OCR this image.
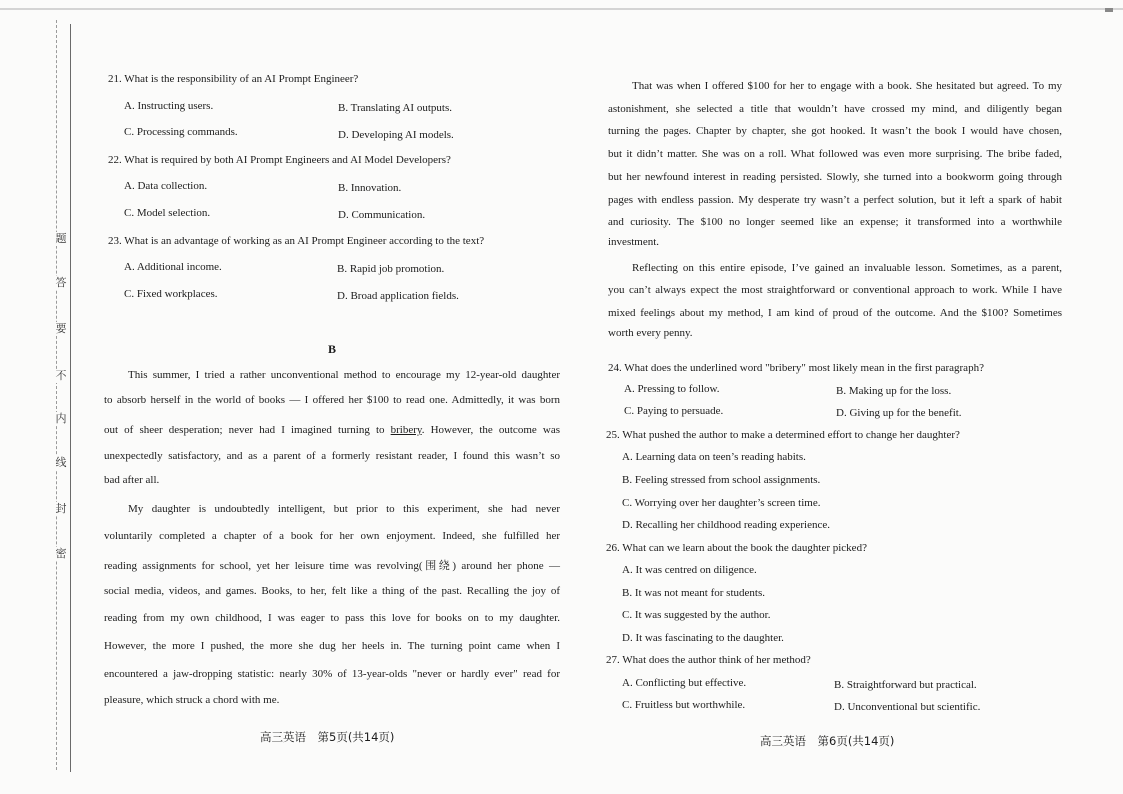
题
答
要
不
内
线
封
密
21. What is the responsibility of an AI Prompt Engineer?
A. Instructing users.	B. Translating AI outputs.
C. Processing commands.	D. Developing AI models.
22. What is required by both AI Prompt Engineers and AI Model Developers?
A. Data collection.	B. Innovation.
C. Model selection.	D. Communication.
23. What is an advantage of working as an AI Prompt Engineer according to the text?
A. Additional income.	B. Rapid job promotion.
C. Fixed workplaces.	D. Broad application fields.
B
This summer, I tried a rather unconventional method to encourage my 12-year-old daughter
to absorb herself in the world of books — I offered her $100 to read one. Admittedly, it was born
out of sheer desperation; never had I imagined turning to bribery. However, the outcome was
unexpectedly satisfactory, and as a parent of a formerly resistant reader, I found this wasn’t so
bad after all.
My daughter is undoubtedly intelligent, but prior to this experiment, she had never
voluntarily completed a chapter of a book for her own enjoyment. Indeed, she fulfilled her
reading assignments for school, yet her leisure time was revolving(围绕) around her phone —
social media, videos, and games. Books, to her, felt like a thing of the past. Recalling the joy of
reading from my own childhood, I was eager to pass this love for books on to my daughter.
However, the more I pushed, the more she dug her heels in. The turning point came when I
encountered a jaw-dropping statistic: nearly 30% of 13-year-olds "never or hardly ever" read for
pleasure, which struck a chord with me.
高三英语　第5页(共14页)
That was when I offered $100 for her to engage with a book. She hesitated but agreed. To my
astonishment, she selected a title that wouldn’t have crossed my mind, and diligently began
turning the pages. Chapter by chapter, she got hooked. It wasn’t the book I would have chosen,
but it didn’t matter. She was on a roll. What followed was even more surprising. The bribe faded,
but her newfound interest in reading persisted. Slowly, she turned into a bookworm going through
pages with endless passion. My desperate try wasn’t a perfect solution, but it left a spark of habit
and curiosity. The $100 no longer seemed like an expense; it transformed into a worthwhile
investment.
Reflecting on this entire episode, I’ve gained an invaluable lesson. Sometimes, as a parent,
you can’t always expect the most straightforward or conventional approach to work. While I have
mixed feelings about my method, I am kind of proud of the outcome. And the $100? Sometimes
worth every penny.
24. What does the underlined word "bribery" most likely mean in the first paragraph?
A. Pressing to follow.	B. Making up for the loss.
C. Paying to persuade.	D. Giving up for the benefit.
25. What pushed the author to make a determined effort to change her daughter?
A. Learning data on teen’s reading habits.
B. Feeling stressed from school assignments.
C. Worrying over her daughter’s screen time.
D. Recalling her childhood reading experience.
26. What can we learn about the book the daughter picked?
A. It was centred on diligence.
B. It was not meant for students.
C. It was suggested by the author.
D. It was fascinating to the daughter.
27. What does the author think of her method?
A. Conflicting but effective.	B. Straightforward but practical.
C. Fruitless but worthwhile.	D. Unconventional but scientific.
高三英语　第6页(共14页)
